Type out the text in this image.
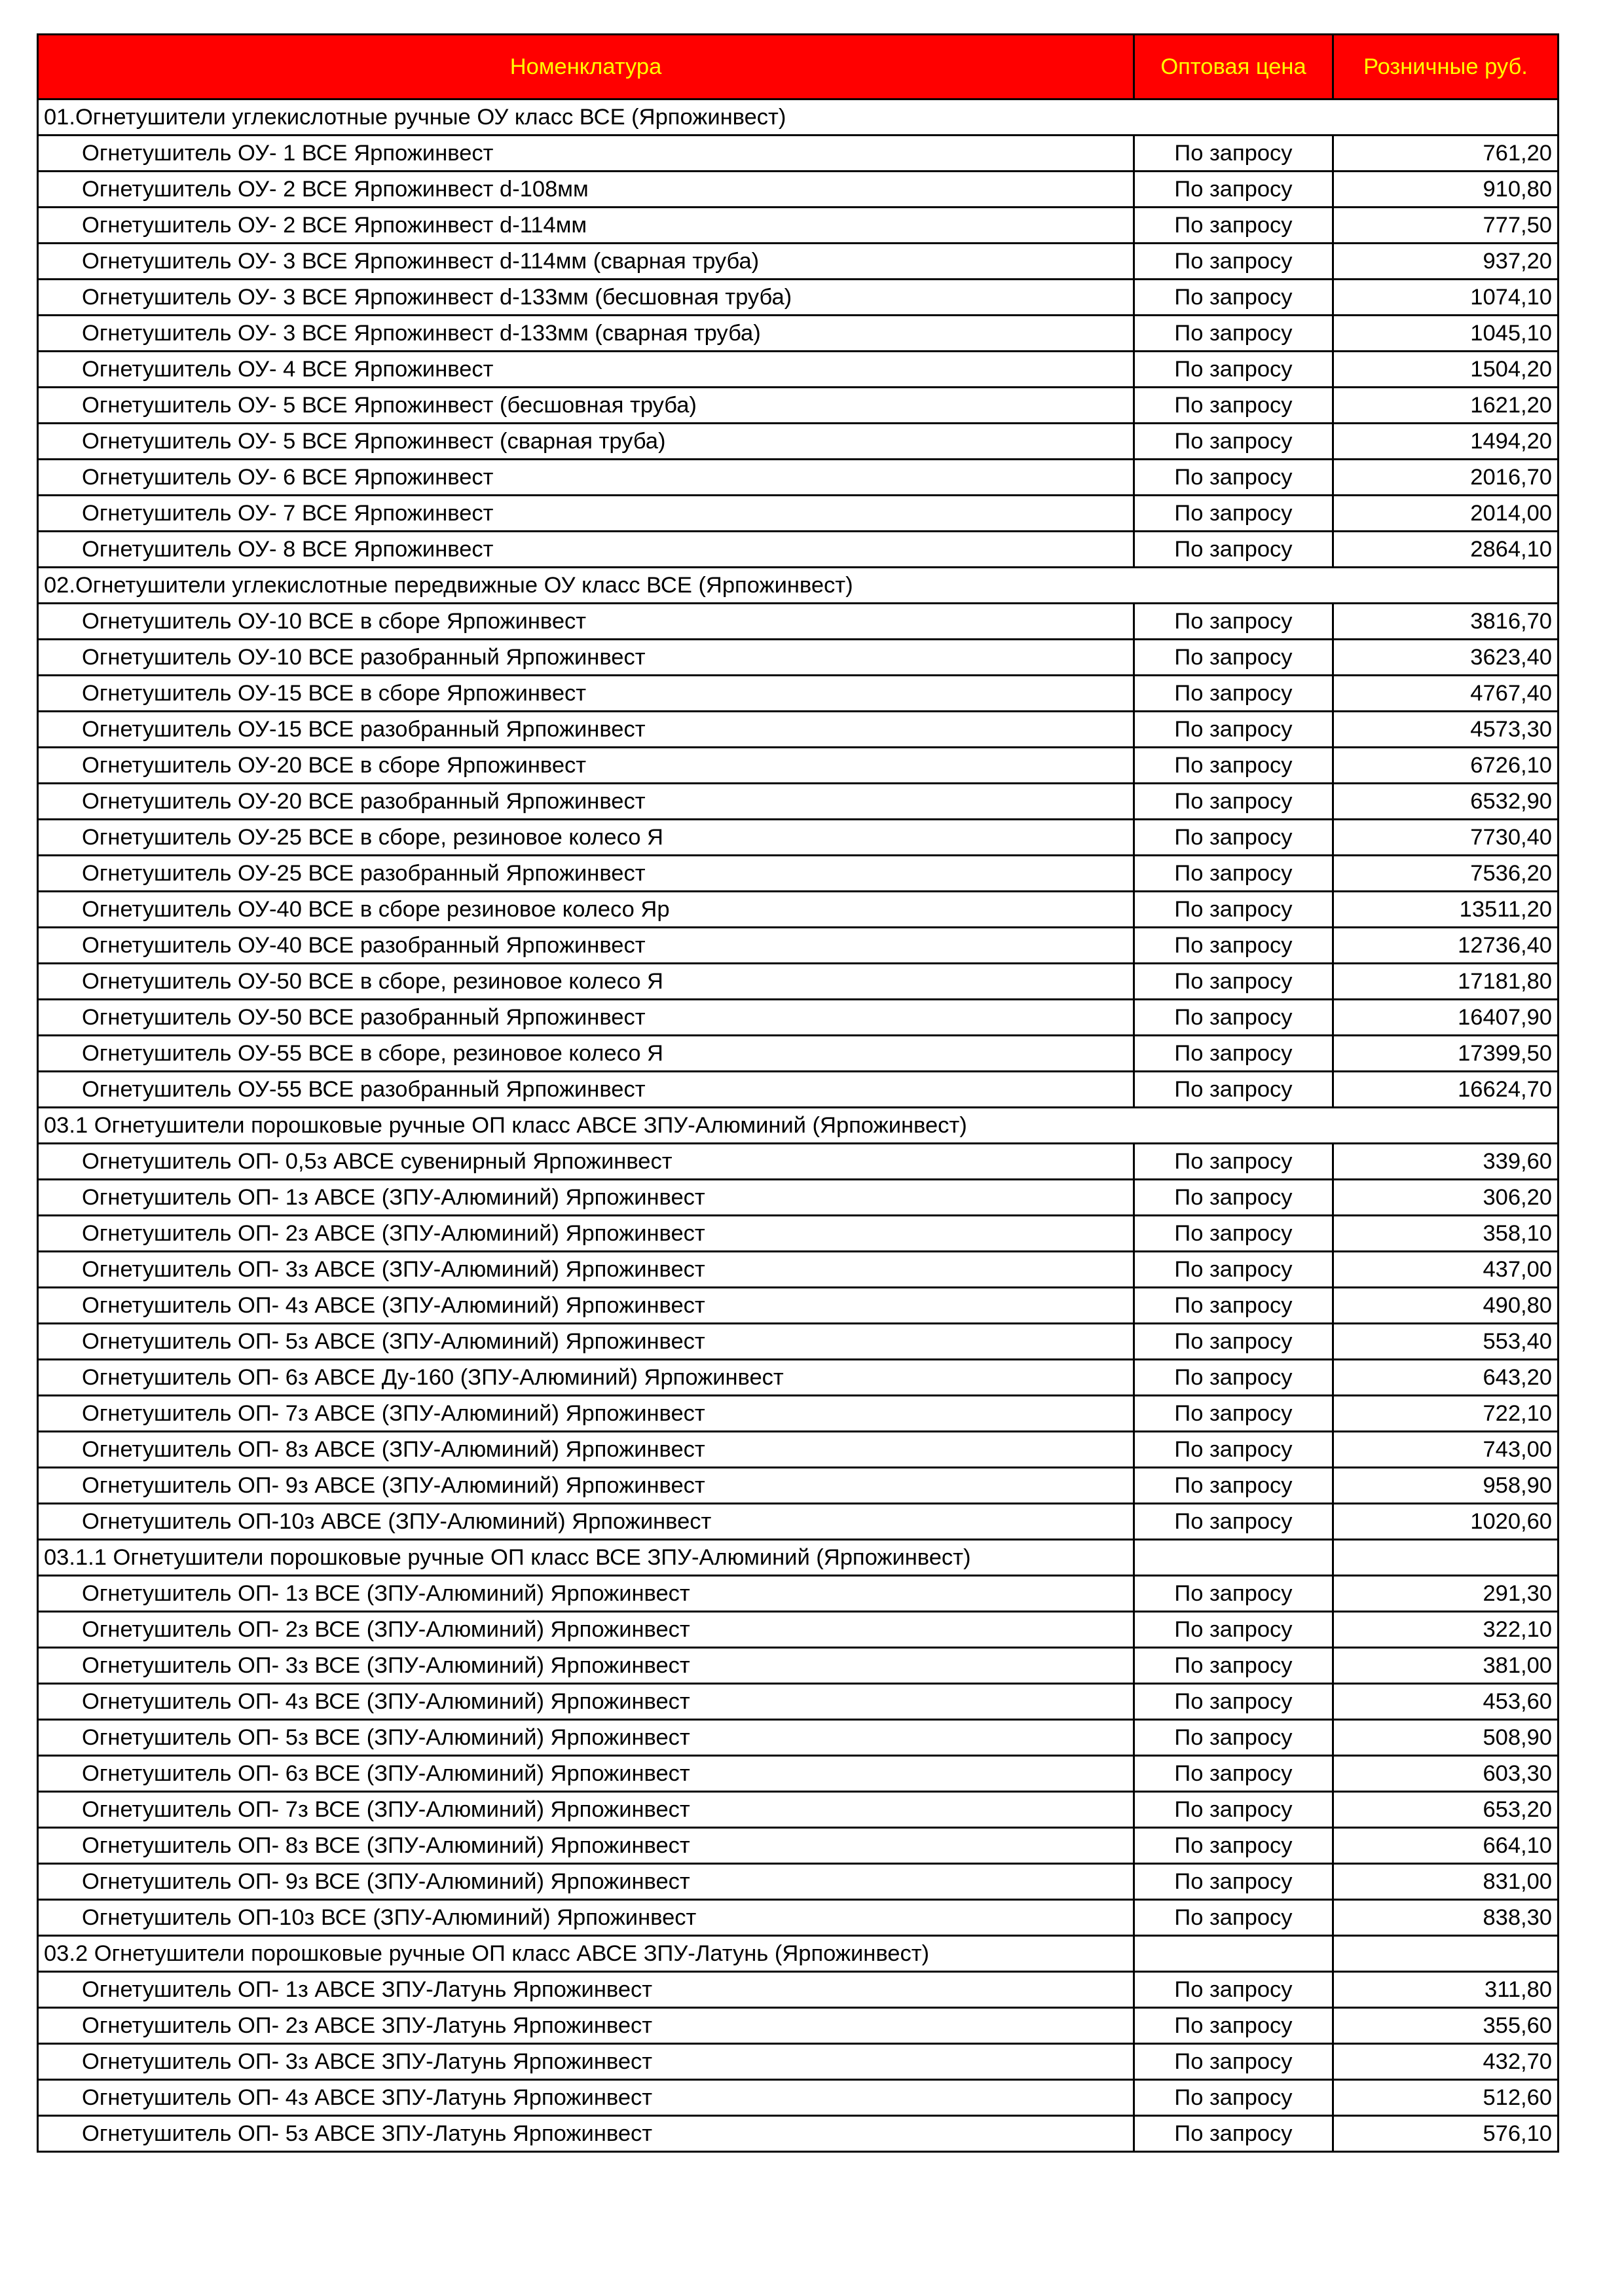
Номенклатура	Оптовая цена	Розничные руб.
01.Огнетушители углекислотные ручные ОУ класс ВСЕ (Ярпожинвест)		
Огнетушитель ОУ- 1 ВСЕ Ярпожинвест	По запросу	761,20
Огнетушитель ОУ- 2 ВСЕ Ярпожинвест d-108мм	По запросу	910,80
Огнетушитель ОУ- 2 ВСЕ Ярпожинвест d-114мм	По запросу	777,50
Огнетушитель ОУ- 3 ВСЕ Ярпожинвест d-114мм (сварная труба)	По запросу	937,20
Огнетушитель ОУ- 3 ВСЕ Ярпожинвест d-133мм (бесшовная труба)	По запросу	1074,10
Огнетушитель ОУ- 3 ВСЕ Ярпожинвест d-133мм (сварная труба)	По запросу	1045,10
Огнетушитель ОУ- 4 ВСЕ Ярпожинвест	По запросу	1504,20
Огнетушитель ОУ- 5 ВСЕ Ярпожинвест (бесшовная труба)	По запросу	1621,20
Огнетушитель ОУ- 5 ВСЕ Ярпожинвест (сварная труба)	По запросу	1494,20
Огнетушитель ОУ- 6 ВСЕ Ярпожинвест	По запросу	2016,70
Огнетушитель ОУ- 7 ВСЕ Ярпожинвест	По запросу	2014,00
Огнетушитель ОУ- 8 ВСЕ Ярпожинвест	По запросу	2864,10
02.Огнетушители углекислотные передвижные ОУ класс ВСЕ (Ярпожинвест)		
Огнетушитель ОУ-10 ВСЕ в сборе Ярпожинвест	По запросу	3816,70
Огнетушитель ОУ-10 ВСЕ разобранный Ярпожинвест	По запросу	3623,40
Огнетушитель ОУ-15 ВСЕ в сборе Ярпожинвест	По запросу	4767,40
Огнетушитель ОУ-15 ВСЕ разобранный Ярпожинвест	По запросу	4573,30
Огнетушитель ОУ-20 ВСЕ в сборе Ярпожинвест	По запросу	6726,10
Огнетушитель ОУ-20 ВСЕ разобранный Ярпожинвест	По запросу	6532,90
Огнетушитель ОУ-25 ВСЕ в сборе, резиновое колесо Я	По запросу	7730,40
Огнетушитель ОУ-25 ВСЕ разобранный Ярпожинвест	По запросу	7536,20
Огнетушитель ОУ-40 ВСЕ в сборе резиновое колесо Яр	По запросу	13511,20
Огнетушитель ОУ-40 ВСЕ разобранный Ярпожинвест	По запросу	12736,40
Огнетушитель ОУ-50 ВСЕ в сборе, резиновое колесо Я	По запросу	17181,80
Огнетушитель ОУ-50 ВСЕ разобранный Ярпожинвест	По запросу	16407,90
Огнетушитель ОУ-55 ВСЕ в сборе, резиновое колесо Я	По запросу	17399,50
Огнетушитель ОУ-55 ВСЕ разобранный Ярпожинвест	По запросу	16624,70
03.1 Огнетушители порошковые ручные ОП класс АВСЕ ЗПУ-Алюминий (Ярпожинвест)		
Огнетушитель ОП- 0,5з АВСЕ сувенирный Ярпожинвест	По запросу	339,60
Огнетушитель ОП- 1з АВСЕ (ЗПУ-Алюминий) Ярпожинвест	По запросу	306,20
Огнетушитель ОП- 2з АВСЕ (ЗПУ-Алюминий) Ярпожинвест	По запросу	358,10
Огнетушитель ОП- 3з АВСЕ (ЗПУ-Алюминий) Ярпожинвест	По запросу	437,00
Огнетушитель ОП- 4з АВСЕ (ЗПУ-Алюминий) Ярпожинвест	По запросу	490,80
Огнетушитель ОП- 5з АВСЕ (ЗПУ-Алюминий) Ярпожинвест	По запросу	553,40
Огнетушитель ОП- 6з АВСЕ Ду-160 (ЗПУ-Алюминий) Ярпожинвест	По запросу	643,20
Огнетушитель ОП- 7з АВСЕ (ЗПУ-Алюминий) Ярпожинвест	По запросу	722,10
Огнетушитель ОП- 8з АВСЕ (ЗПУ-Алюминий) Ярпожинвест	По запросу	743,00
Огнетушитель ОП- 9з АВСЕ (ЗПУ-Алюминий) Ярпожинвест	По запросу	958,90
Огнетушитель ОП-10з АВСЕ (ЗПУ-Алюминий) Ярпожинвест	По запросу	1020,60
03.1.1 Огнетушители порошковые ручные ОП класс ВСЕ ЗПУ-Алюминий (Ярпожинвест)		
Огнетушитель ОП- 1з ВСЕ (ЗПУ-Алюминий) Ярпожинвест	По запросу	291,30
Огнетушитель ОП- 2з ВСЕ (ЗПУ-Алюминий) Ярпожинвест	По запросу	322,10
Огнетушитель ОП- 3з ВСЕ (ЗПУ-Алюминий) Ярпожинвест	По запросу	381,00
Огнетушитель ОП- 4з ВСЕ (ЗПУ-Алюминий) Ярпожинвест	По запросу	453,60
Огнетушитель ОП- 5з ВСЕ (ЗПУ-Алюминий) Ярпожинвест	По запросу	508,90
Огнетушитель ОП- 6з ВСЕ (ЗПУ-Алюминий) Ярпожинвест	По запросу	603,30
Огнетушитель ОП- 7з ВСЕ (ЗПУ-Алюминий) Ярпожинвест	По запросу	653,20
Огнетушитель ОП- 8з ВСЕ (ЗПУ-Алюминий) Ярпожинвест	По запросу	664,10
Огнетушитель ОП- 9з ВСЕ (ЗПУ-Алюминий) Ярпожинвест	По запросу	831,00
Огнетушитель ОП-10з ВСЕ (ЗПУ-Алюминий) Ярпожинвест	По запросу	838,30
03.2 Огнетушители порошковые ручные ОП класс АВСЕ ЗПУ-Латунь (Ярпожинвест)		
Огнетушитель ОП- 1з АВСЕ ЗПУ-Латунь Ярпожинвест	По запросу	311,80
Огнетушитель ОП- 2з АВСЕ ЗПУ-Латунь Ярпожинвест	По запросу	355,60
Огнетушитель ОП- 3з АВСЕ ЗПУ-Латунь Ярпожинвест	По запросу	432,70
Огнетушитель ОП- 4з АВСЕ ЗПУ-Латунь Ярпожинвест	По запросу	512,60
Огнетушитель ОП- 5з АВСЕ ЗПУ-Латунь Ярпожинвест	По запросу	576,10
